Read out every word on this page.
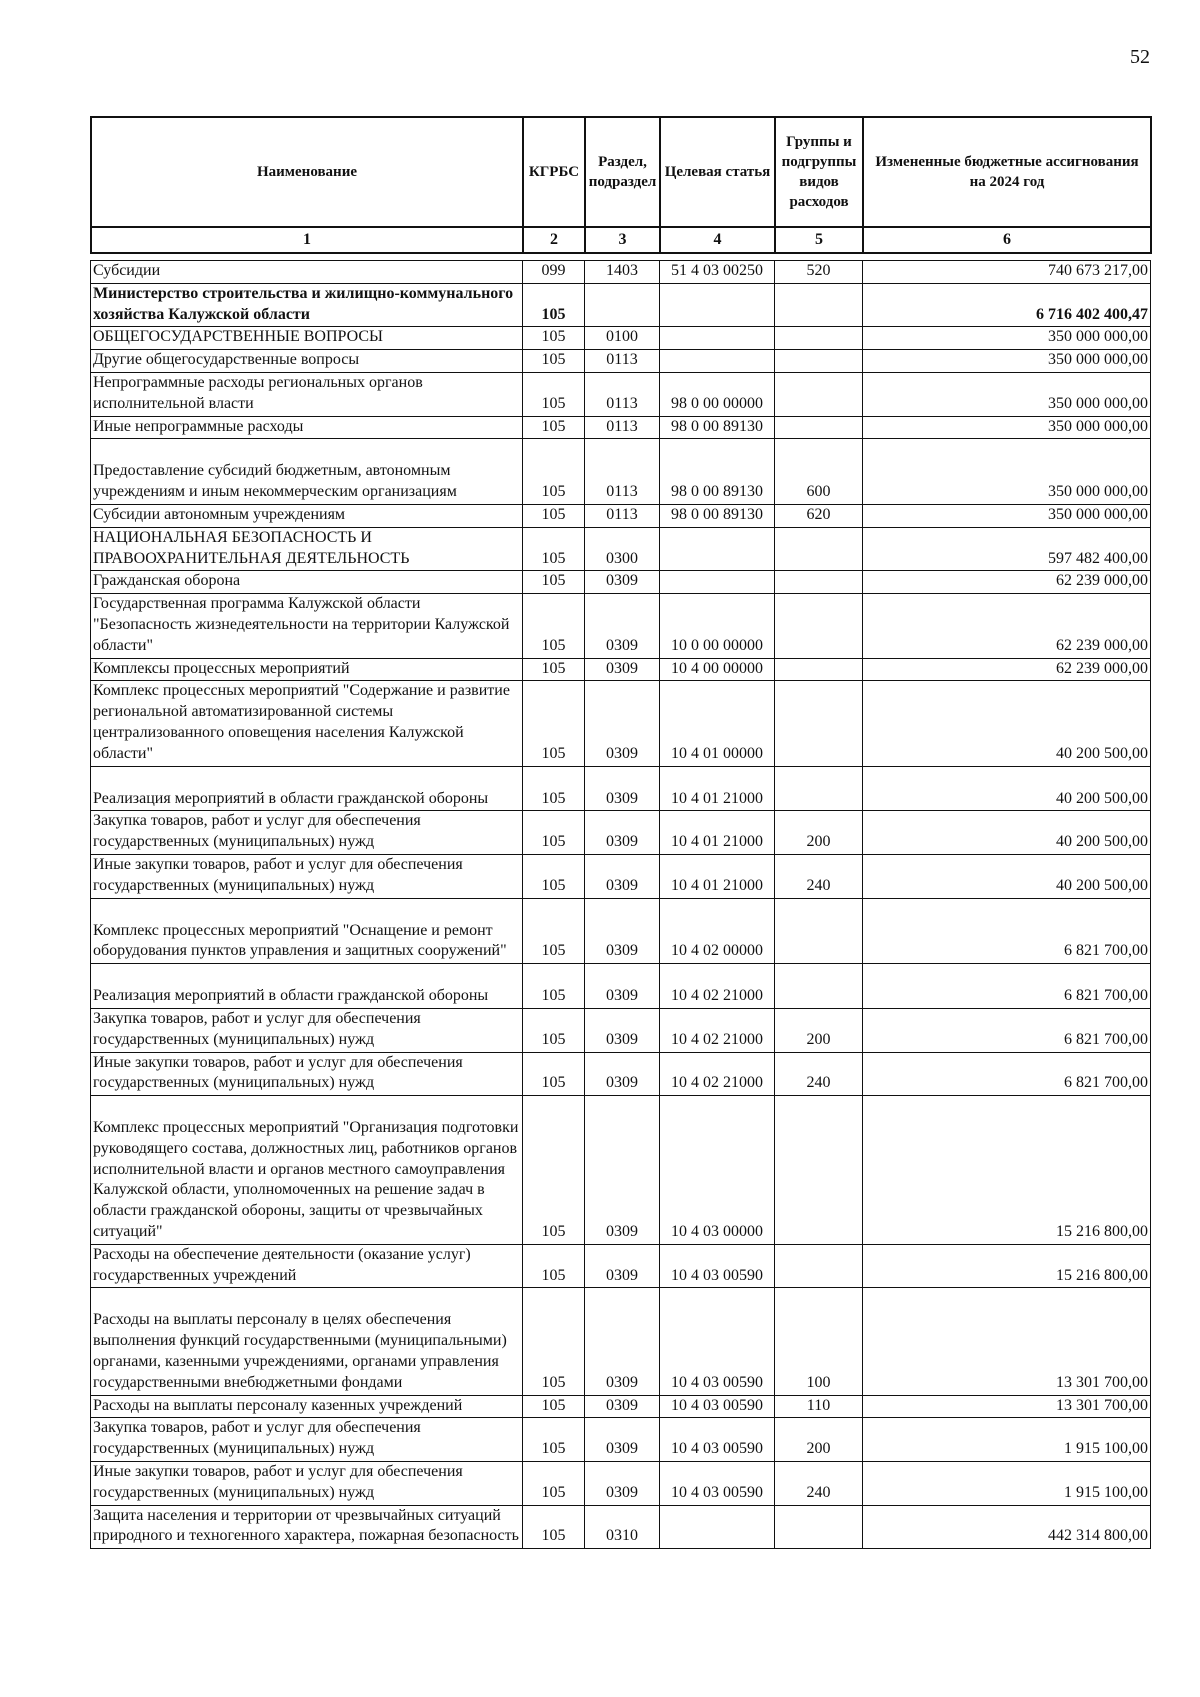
52
Наименование	КГРБС	Раздел, подраздел	Целевая статья	Группы и подгруппы видов расходов	Измененные бюджетные ассигнования на 2024 год
1	2	3	4	5	6
Субсидии	099	1403	51 4 03 00250	520	740 673 217,00
Министерство строительства и жилищно-коммунального хозяйства Калужской области	105				6 716 402 400,47
ОБЩЕГОСУДАРСТВЕННЫЕ ВОПРОСЫ	105	0100			350 000 000,00
Другие общегосударственные вопросы	105	0113			350 000 000,00
Непрограммные расходы региональных органов исполнительной власти	105	0113	98 0 00 00000		350 000 000,00
Иные непрограммные расходы	105	0113	98 0 00 89130		350 000 000,00
Предоставление субсидий бюджетным, автономным учреждениям и иным некоммерческим организациям	105	0113	98 0 00 89130	600	350 000 000,00
Субсидии автономным учреждениям	105	0113	98 0 00 89130	620	350 000 000,00
НАЦИОНАЛЬНАЯ БЕЗОПАСНОСТЬ И ПРАВООХРАНИТЕЛЬНАЯ ДЕЯТЕЛЬНОСТЬ	105	0300			597 482 400,00
Гражданская оборона	105	0309			62 239 000,00
Государственная программа Калужской области "Безопасность жизнедеятельности на территории Калужской области"	105	0309	10 0 00 00000		62 239 000,00
Комплексы процессных мероприятий	105	0309	10 4 00 00000		62 239 000,00
Комплекс процессных мероприятий "Содержание и развитие региональной автоматизированной системы централизованного оповещения населения Калужской области"	105	0309	10 4 01 00000		40 200 500,00
Реализация мероприятий в области гражданской обороны	105	0309	10 4 01 21000		40 200 500,00
Закупка товаров, работ и услуг для обеспечения государственных (муниципальных) нужд	105	0309	10 4 01 21000	200	40 200 500,00
Иные закупки товаров, работ и услуг для обеспечения государственных (муниципальных) нужд	105	0309	10 4 01 21000	240	40 200 500,00
Комплекс процессных мероприятий "Оснащение и ремонт оборудования пунктов управления и защитных сооружений"	105	0309	10 4 02 00000		6 821 700,00
Реализация мероприятий в области гражданской обороны	105	0309	10 4 02 21000		6 821 700,00
Закупка товаров, работ и услуг для обеспечения государственных (муниципальных) нужд	105	0309	10 4 02 21000	200	6 821 700,00
Иные закупки товаров, работ и услуг для обеспечения государственных (муниципальных) нужд	105	0309	10 4 02 21000	240	6 821 700,00
Комплекс процессных мероприятий "Организация подготовки руководящего состава, должностных лиц, работников органов исполнительной власти и органов местного самоуправления Калужской области, уполномоченных на решение задач в области гражданской обороны, защиты от чрезвычайных ситуаций"	105	0309	10 4 03 00000		15 216 800,00
Расходы на обеспечение деятельности (оказание услуг) государственных учреждений	105	0309	10 4 03 00590		15 216 800,00
Расходы на выплаты персоналу в целях обеспечения выполнения функций государственными (муниципальными) органами, казенными учреждениями, органами управления государственными внебюджетными фондами	105	0309	10 4 03 00590	100	13 301 700,00
Расходы на выплаты персоналу казенных учреждений	105	0309	10 4 03 00590	110	13 301 700,00
Закупка товаров, работ и услуг для обеспечения государственных (муниципальных) нужд	105	0309	10 4 03 00590	200	1 915 100,00
Иные закупки товаров, работ и услуг для обеспечения государственных (муниципальных) нужд	105	0309	10 4 03 00590	240	1 915 100,00
Защита населения и территории от чрезвычайных ситуаций природного и техногенного характера, пожарная безопасность	105	0310			442 314 800,00
